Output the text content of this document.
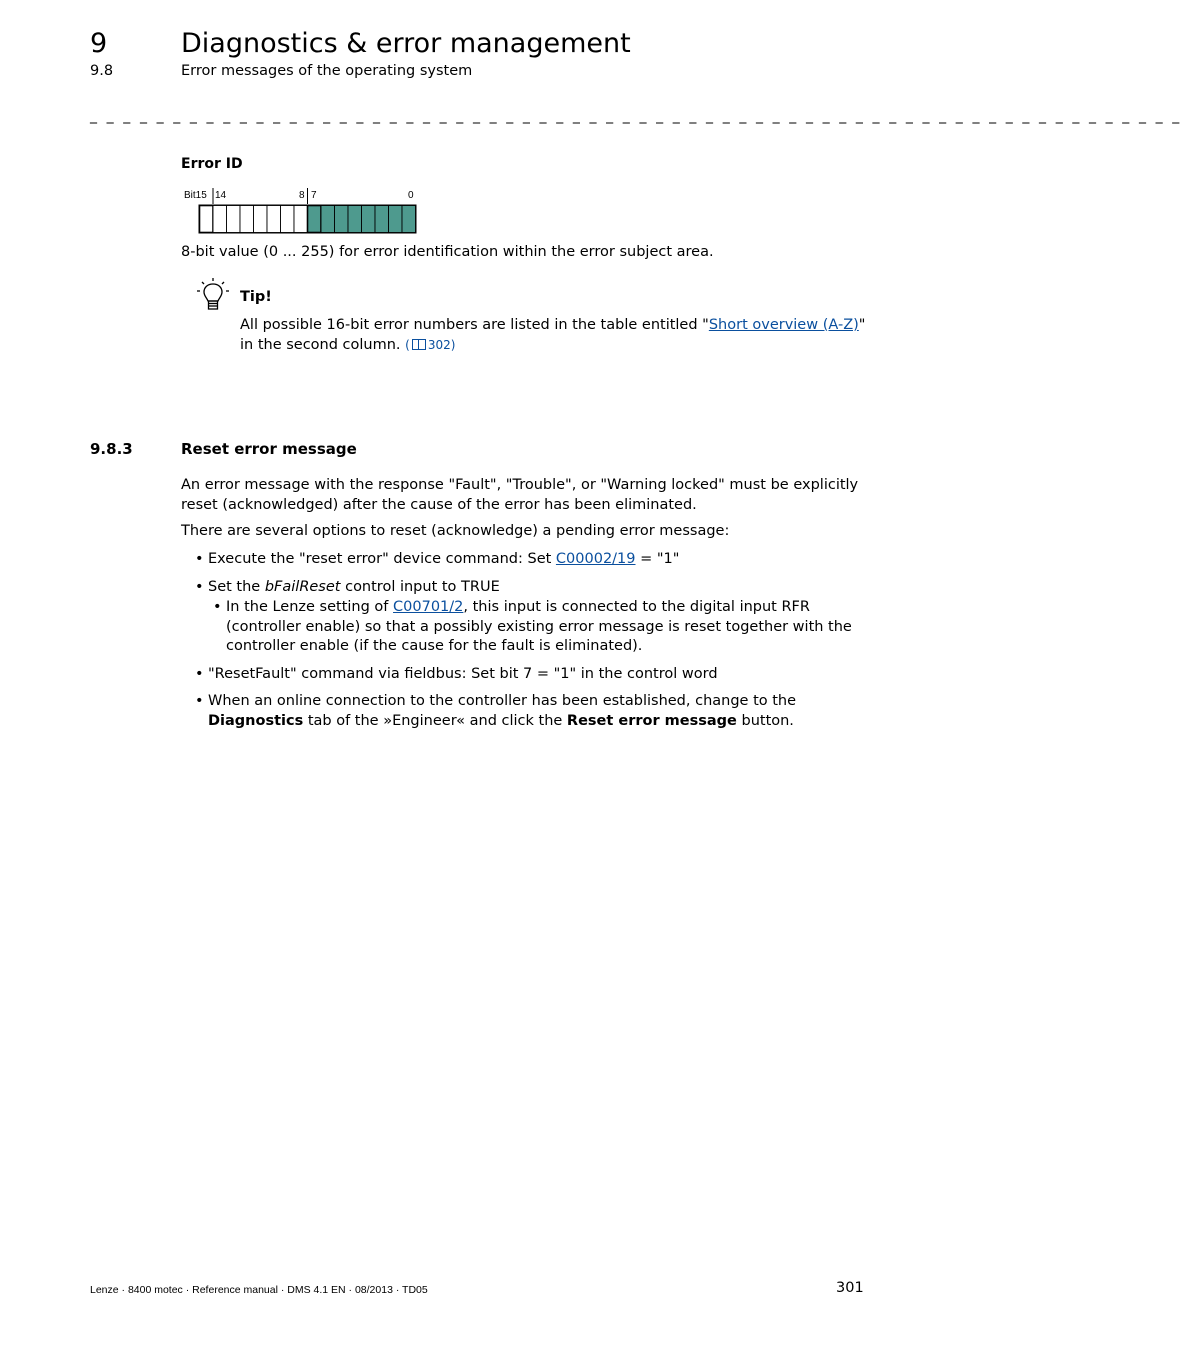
9	Diagnostics & error management
9.8	Error messages of the operating system
_ _ _ _ _ _ _ _ _ _ _ _ _ _ _ _ _ _ _ _ _ _ _ _ _ _ _ _ _ _ _ _ _ _ _ _ _ _ _ _ _ _ _ _ _ _ _ _ _ _ _ _ _ _ _ _ _ _ _ _ _ _ _ _ _ _
Error ID
Bit15 14	8 7	0
8-bit value (0 ... 255) for error identification within the error subject area.
Tip!
All possible 16-bit error numbers are listed in the table entitled "Short overview (A-Z)" in the second column. ( 302)
9.8.3	Reset error message
An error message with the response "Fault", "Trouble", or "Warning locked" must be explicitly reset (acknowledged) after the cause of the error has been eliminated.
There are several options to reset (acknowledge) a pending error message:
• Execute the "reset error" device command: Set C00002/19 = "1"
• Set the bFailReset control input to TRUE
• In the Lenze setting of C00701/2, this input is connected to the digital input RFR (controller enable) so that a possibly existing error message is reset together with the controller enable (if the cause for the fault is eliminated).
• "ResetFault" command via fieldbus: Set bit 7 = "1" in the control word
• When an online connection to the controller has been established, change to the Diagnostics tab of the »Engineer« and click the Reset error message button.
Lenze · 8400 motec · Reference manual · DMS 4.1 EN · 08/2013 · TD05	301
